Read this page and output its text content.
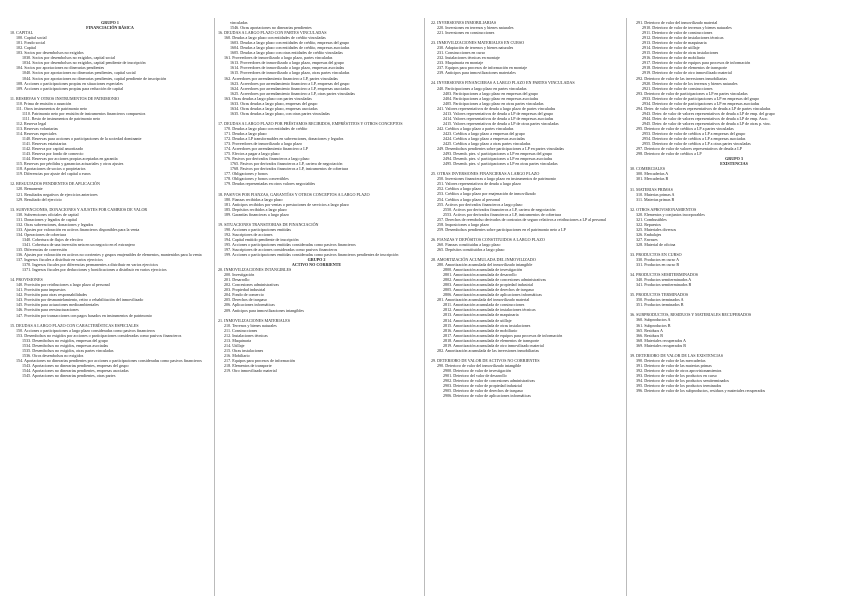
GRUPO 1
FINANCIACIÓN BÁSICA
10. CAPITAL
100. Capital social
101. Fondo social
102. Capital
103. Socios por desembolsos no exigidos
1030. Socios por desembolsos no exigidos, capital social
1034. Socios por desembolsos no exigidos, capital pendiente de inscripción
104. Socios por aportaciones no dinerarias pendientes
1040. Socios por aportaciones no dinerarias pendientes, capital social
1044. Socios por aportaciones no dinerarias pendientes, capital pendiente de inscripción
108. Acciones o participaciones propias en situaciones especiales
109. Acciones o participaciones propias para reducción de capital
11. RESERVAS Y OTROS INSTRUMENTOS DE PATRIMONIO
110. Prima de emisión o asunción
111. Otros instrumentos de patrimonio neto
1110. Patrimonio neto por emisión de instrumentos financieros compuestos
1111. Resto de instrumentos de patrimonio neto
112. Reserva legal
113. Reservas voluntarias
114. Reservas especiales
1140. Reservas para acciones o participaciones de la sociedad dominante
1141. Reservas estatutarias
1142. Reserva por capital amortizado
1143. Reserva por fondo de comercio
1144. Reservas por acciones propias aceptadas en garantía
115. Reservas por pérdidas y ganancias actuariales y otros ajustes
118. Aportaciones de socios o propietarios
119. Diferencias por ajuste del capital a euros
12. RESULTADOS PENDIENTES DE APLICACIÓN
120. Remanente
121. Resultados negativos de ejercicios anteriores
129. Resultado del ejercicio
13. SUBVENCIONES, DONACIONES Y AJUSTES POR CAMBIOS DE VALOR
130. Subvenciones oficiales de capital
131. Donaciones y legados de capital
132. Otras subvenciones, donaciones y legados
133. Ajustes por valoración en activos financieros disponibles para la venta
134. Operaciones de cobertura
1340. Cobertura de flujos de efectivo
1341. Cobertura de una inversión neta en un negocio en el extranjero
135. Diferencias de conversión
136. Ajustes por valoración en activos no corrientes y grupos enajenables de elementos, mantenidos para la venta
137. Ingresos fiscales a distribuir en varios ejercicios
1370. Ingresos fiscales por diferencias permanentes a distribuir en varios ejercicios
1371. Ingresos fiscales por deducciones y bonificaciones a distribuir en varios ejercicios
14. PROVISIONES
140. Provisión por retribuciones a largo plazo al personal
141. Provisión para impuestos
142. Provisión para otras responsabilidades
143. Provisión por desmantelamiento, retiro o rehabilitación del inmovilizado
145. Provisión para actuaciones medioambientales
146. Provisión para reestructuraciones
147. Provisión por transacciones con pagos basados en instrumentos de patrimonio
15. DEUDAS A LARGO PLAZO CON CARACTERÍSTICAS ESPECIALES
150. Acciones o participaciones a largo plazo consideradas como pasivos financieros
153. Desembolsos no exigidos por acciones o participaciones consideradas como pasivos financieros
1533. Desembolsos no exigidos, empresas del grupo
1534. Desembolsos no exigidos, empresas asociadas
1535. Desembolsos no exigidos, otras partes vinculadas
1536. Otros desembolsos no exigidos
154. Aportaciones no dinerarias pendientes por acciones o participaciones consideradas como pasivos financieros
1543. Aportaciones no dinerarias pendientes, empresas del grupo
1544. Aportaciones no dinerarias pendientes, empresas asociadas
1545. Aportaciones no dinerarias pendientes, otras partes
vinculadas
1546. Otras aportaciones no dinerarias pendientes
16. DEUDAS A LARGO PLAZO CON PARTES VINCULADAS
160. Deudas a largo plazo con entidades de crédito vinculadas
1603. Deudas a largo plazo con entidades de crédito, empresas del grupo
1604. Deudas a largo plazo con entidades de crédito, empresas asociadas
1605. Deudas a largo plazo con otras entidades de crédito vinculadas
161. Proveedores de inmovilizado a largo plazo, partes vinculadas
1613. Proveedores de inmovilizado a largo plazo, empresas del grupo
1614. Proveedores de inmovilizado a largo plazo, empresas asociadas
1615. Proveedores de inmovilizado a largo plazo, otras partes vinculadas
162. Acreedores por arrendamiento financiero a LP, partes vinculadas
1623. Acreedores por arrendamiento financiero a LP, empresas del grupo
1624. Acreedores por arrendamiento financiero a LP, empresas asociadas
1625. Acreedores por arrendamiento financiero a LP, otras partes vinculadas
163. Otras deudas a largo plazo con partes vinculadas
1633. Otras deudas a largo plazo, empresas del grupo
1634. Otras deudas a largo plazo, empresas asociadas
1635. Otras deudas a largo plazo, con otras partes vinculadas
17. DEUDAS A LARGO PLAZO POR PRÉSTAMOS RECIBIDOS, EMPRÉSTITOS Y OTROS CONCEPTOS
170. Deudas a largo plazo con entidades de crédito
171. Deudas a largo plazo
172. Deudas a LP transformables en subvenciones, donaciones y legados
173. Proveedores de inmovilizado a largo plazo
174. Acreedores por arrendamiento financiero a LP
175. Efectos a pagar a largo plazo
176. Pasivos por derivados financieros a largo plazo
1765. Pasivos por derivados financieros a LP, cartera de negociación
1768. Pasivos por derivados financieros a LP, instrumentos de cobertura
177. Obligaciones y bonos
178. Obligaciones y bonos convertibles
179. Deudas representadas en otros valores negociables
18. PASIVOS POR FIANZAS, GARANTÍAS Y OTROS CONCEPTOS A LARGO PLAZO
180. Fianzas recibidas a largo plazo
181. Anticipos recibidos por ventas o prestaciones de servicios a largo plazo
185. Depósitos recibidos a largo plazo
189. Garantías financieras a largo plazo
19. SITUACIONES TRANSITORIAS DE FINANCIACIÓN
190. Acciones o participaciones emitidas
192. Suscriptores de acciones
194. Capital emitido pendiente de inscripción
195. Acciones o participaciones emitidas consideradas como pasivos financieros
197. Suscriptores de acciones consideradas como pasivos financieros
199. Acciones o participaciones emitidas consideradas como pasivos financieros pendientes de inscripción
GRUPO 2
ACTIVO NO CORRIENTE
20. INMOVILIZACIONES INTANGIBLES
200. Investigación
201. Desarrollo
202. Concesiones administrativas
203. Propiedad industrial
204. Fondo de comercio
205. Derechos de traspaso
206. Aplicaciones informáticas
209. Anticipos para inmovilizaciones intangibles
21. INMOVILIZACIONES MATERIALES
210. Terrenos y bienes naturales
211. Construcciones
212. Instalaciones técnicas
213. Maquinaria
214. Utillaje
215. Otras instalaciones
216. Mobiliario
217. Equipos para procesos de información
218. Elementos de transporte
219. Otro inmovilizado material
22. INVERSIONES INMOBILIARIAS
220. Inversiones en terrenos y bienes naturales
221. Inversiones en construcciones
23. INMOVILIZACIONES MATERIALES EN CURSO
230. Adaptación de terrenos y bienes naturales
231. Construcciones en curso
232. Instalaciones técnicas en montaje
233. Maquinaria en montaje
237. Equipos para procesos de información en montaje
239. Anticipos para inmovilizaciones materiales
24. INVERSIONES FINANCIERAS A LARGO PLAZO EN PARTES VINCULADAS
240. Participaciones a largo plazo en partes vinculadas
2403. Participaciones a largo plazo en empresas del grupo
2404. Participaciones a largo plazo en empresas asociadas
2405. Participaciones a largo plazo en otras partes vinculadas
241. Valores representativos de deuda a largo plazo de partes vinculadas
2413. Valores representativos de deuda a LP de empresas del grupo
2414. Valores representativos de deuda a LP de empresas asociadas
2415. Valores representativos de deuda a LP de otras partes vinculadas
242. Créditos a largo plazo a partes vinculadas
2423. Créditos a largo plazo a empresas del grupo
2424. Créditos a largo plazo a empresas asociadas
2425. Créditos a largo plazo a otras partes vinculadas
249. Desembolsos pendientes sobre participaciones a LP en partes vinculadas
2493. Desemb. ptes. s/ participaciones a LP en empresas del grupo
2494. Desemb. ptes. s/ participaciones a LP en empresas asociadas
2495. Desemb. ptes. s/ participaciones a LP en otras partes vinculadas
25. OTRAS INVERSIONES FINANCIERAS A LARGO PLAZO
250. Inversiones financieras a largo plazo en instrumentos de patrimonio
251. Valores representativos de deuda a largo plazo
252. Créditos a largo plazo
253. Créditos a largo plazo por enajenación de inmovilizado
254. Créditos a largo plazo al personal
255. Activos por derivados financieros a largo plazo
2550. Activos por derivados financieros a LP, cartera de negociación
2553. Activos por derivados financieros a LP, instrumentos de cobertura
257. Derechos de reembolso derivados de contratos de seguro relativos a retribuciones a LP al personal
258. Imposiciones a largo plazo
259. Desembolsos pendientes sobre participaciones en el patrimonio neto a LP
26. FIANZAS Y DEPÓSITOS CONSTITUIDOS A LARGO PLAZO
260. Fianzas constituidas a largo plazo
265. Depósitos constituidos a largo plazo
28. AMORTIZACIÓN ACUMULADA DEL INMOVILIZADO
280. Amortización acumulada del inmovilizado intangible
2800. Amortización acumulada de investigación
2801. Amortización acumulada de desarrollo
2802. Amortización acumulada de concesiones administrativas
2803. Amortización acumulada de propiedad industrial
2805. Amortización acumulada de derechos de traspaso
2806. Amortización acumulada de aplicaciones informáticas
281. Amortización acumulada del inmovilizado material
2811. Amortización acumulada de construcciones
2812. Amortización acumulada de instalaciones técnicas
2813. Amortización acumulada de maquinaria
2814. Amortización acumulada de utillaje
2815. Amortización acumulada de otras instalaciones
2816. Amortización acumulada de mobiliario
2817. Amortización acumulada de equipos para procesos de información
2818. Amortización acumulada de elementos de transporte
2819. Amortización acumulada de otro inmovilizado material
282. Amortización acumulada de las inversiones inmobiliarias
29. DETERIORO DE VALOR DE ACTIVOS NO CORRIENTES
290. Deterioro de valor del inmovilizado intangible
2900. Deterioro de valor de investigación
2901. Deterioro del valor de desarrollo
2902. Deterioro de valor de concesiones administrativas
2903. Deterioro de valor de propiedad industrial
2905. Deterioro de valor de derechos de traspaso
2906. Deterioro de valor de aplicaciones informáticas
291. Deterioro de valor del inmovilizado material
2910. Deterioro de valor de terrenos y bienes naturales
2911. Deterioro de valor de construcciones
2912. Deterioro de valor de instalaciones técnicas
2913. Deterioro de valor de maquinaria
2914. Deterioro de valor de utillaje
2915. Deterioro de valor de otras instalaciones
2916. Deterioro de valor de mobiliario
2917. Deterioro de valor de equipos para procesos de información
2918. Deterioro de valor de elementos de transporte
2919. Deterioro de valor de otro inmovilizado material
292. Deterioro de valor de las inversiones inmobiliarias
2920. Deterioro de valor de los terrenos y bienes naturales
2921. Deterioro de valor de construcciones
293. Deterioro de valor de participaciones a LP en partes vinculadas
2933. Deterioro de valor de participaciones a LP en empresas del grupo
2934. Deterioro de valor de participaciones a LP en empresas asociadas
294. Deter. de valor de valores representativos de deuda a LP de partes vinculadas
2943. Deter. de valor de valores representativos de deuda a LP de emp. del grupo
2944. Deter. de valor de valores representativos de deuda a LP de emp. Asoc.
2945. Deter. de valor de valores representativos de deuda a LP de otras p. vinc.
295. Deterioro de valor de créditos a LP a partes vinculadas
2953. Deterioro de valor de créditos a LP a empresas del grupo
2954. Deterioro de valor de créditos a LP a empresas asociadas
2955. Deterioro de valor de créditos a LP a otras partes vinculadas
297. Deterioro de valor de valores representativos de deuda a LP
298. Deterioro de valor de créditos a LP
GRUPO 3
EXISTENCIAS
30. COMERCIALES
300. Mercaderías A
301. Mercaderías B
31. MATERIAS PRIMAS
310. Materias primas A
311. Materias primas B
32. OTROS APROVISIONAMIENTOS
320. Elementos y conjuntos incorporables
321. Combustibles
322. Repuestos
325. Materiales diversos
326. Embalajes
327. Envases
328. Material de oficina
33. PRODUCTOS EN CURSO
330. Productos en curso A
331. Productos en curso B
34. PRODUCTOS SEMITERMINADOS
340. Productos semiterminados A
341. Productos semiterminados B
35. PRODUCTOS TERMINADOS
350. Productos terminados A
351. Productos terminados B
36. SUBPRODUCTOS, RESIDUOS Y MATERIALES RECUPERADOS
360. Subproductos A
361. Subproductos B
365. Residuos A
366. Residuos B
368. Materiales recuperados A
369. Materiales recuperados B
39. DETERIORO DE VALOR DE LAS EXISTENCIAS
390. Deterioro de valor de las mercaderías
391. Deterioro de valor de las materias primas
392. Deterioro de valor de otros aprovisionamientos
393. Deterioro de valor de los productos en curso
394. Deterioro de valor de los productos semiterminados
395. Deterioro de valor de los productos terminados
396. Deterioro de valor de los subproductos, residuos y materiales recuperados
